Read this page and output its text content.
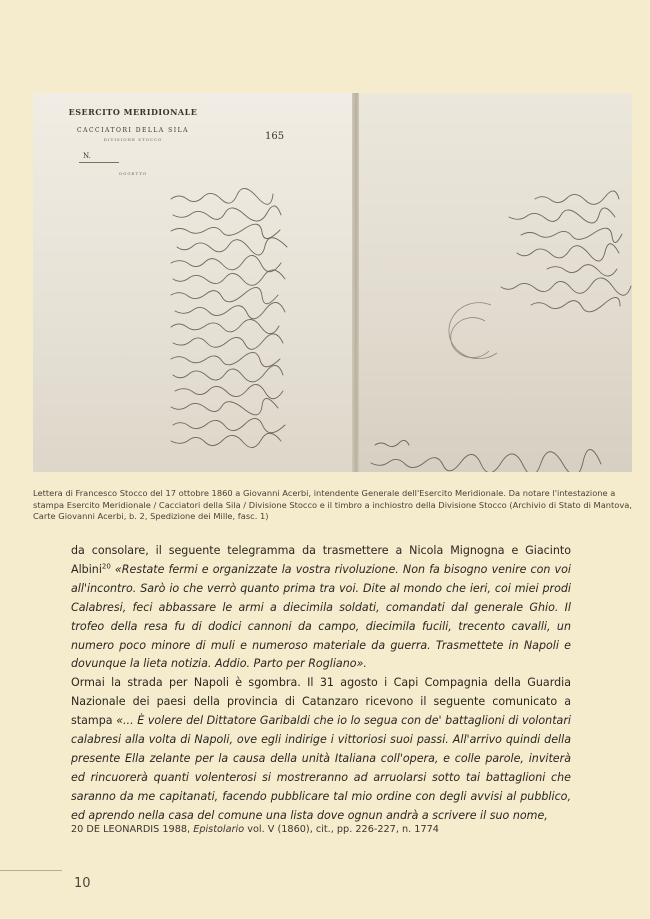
ESERCITO MERIDIONALE
CACCIATORI DELLA SILA
DIVISIONE STOCCO
N.
OGGETTO
165
Lettera di Francesco Stocco del 17 ottobre 1860 a Giovanni Acerbi, intendente Generale dell'Esercito Meridionale. Da notare l'intestazione a stampa Esercito Meridionale / Cacciatori della Sila / Divisione Stocco e il timbro a inchiostro della Divisione Stocco (Archivio di Stato di Mantova, Carte Giovanni Acerbi, b. 2, Spedizione dei Mille, fasc. 1)

da consolare, il seguente telegramma da trasmettere a Nicola Mignogna e Giacinto Albini$^{20}$ «Restate fermi e organizzate la vostra rivoluzione. Non fa bisogno venire con voi all'incontro. Sarò io che verrò quanto prima tra voi. Dite al mondo che ieri, coi miei prodi Calabresi, feci abbassare le armi a diecimila soldati, comandati dal generale Ghio. Il trofeo della resa fu di dodici cannoni da campo, diecimila fucili, trecento cavalli, un numero poco minore di muli e numeroso materiale da guerra. Trasmettete in Napoli e dovunque la lieta notizia. Addio. Parto per Rogliano».

Ormai la strada per Napoli è sgombra. Il 31 agosto i Capi Compagnia della Guardia Nazionale dei paesi della provincia di Catanzaro ricevono il seguente comunicato a stampa «... È volere del Dittatore Garibaldi che io lo segua con de' battaglioni di volontari calabresi alla volta di Napoli, ove egli indirige i vittoriosi suoi passi. All'arrivo quindi della presente Ella zelante per la causa della unità Italiana coll'opera, e colle parole, inviterà ed rincuorerà quanti volenterosi si mostreranno ad arruolarsi sotto tai battaglioni che saranno da me capitanati, facendo pubblicare tal mio ordine con degli avvisi al pubblico, ed aprendo nella casa del comune una lista dove ognun andrà a scrivere il suo nome,

20 DE LEONARDIS 1988, Epistolario vol. V (1860), cit., pp. 226-227, n. 1774
10
